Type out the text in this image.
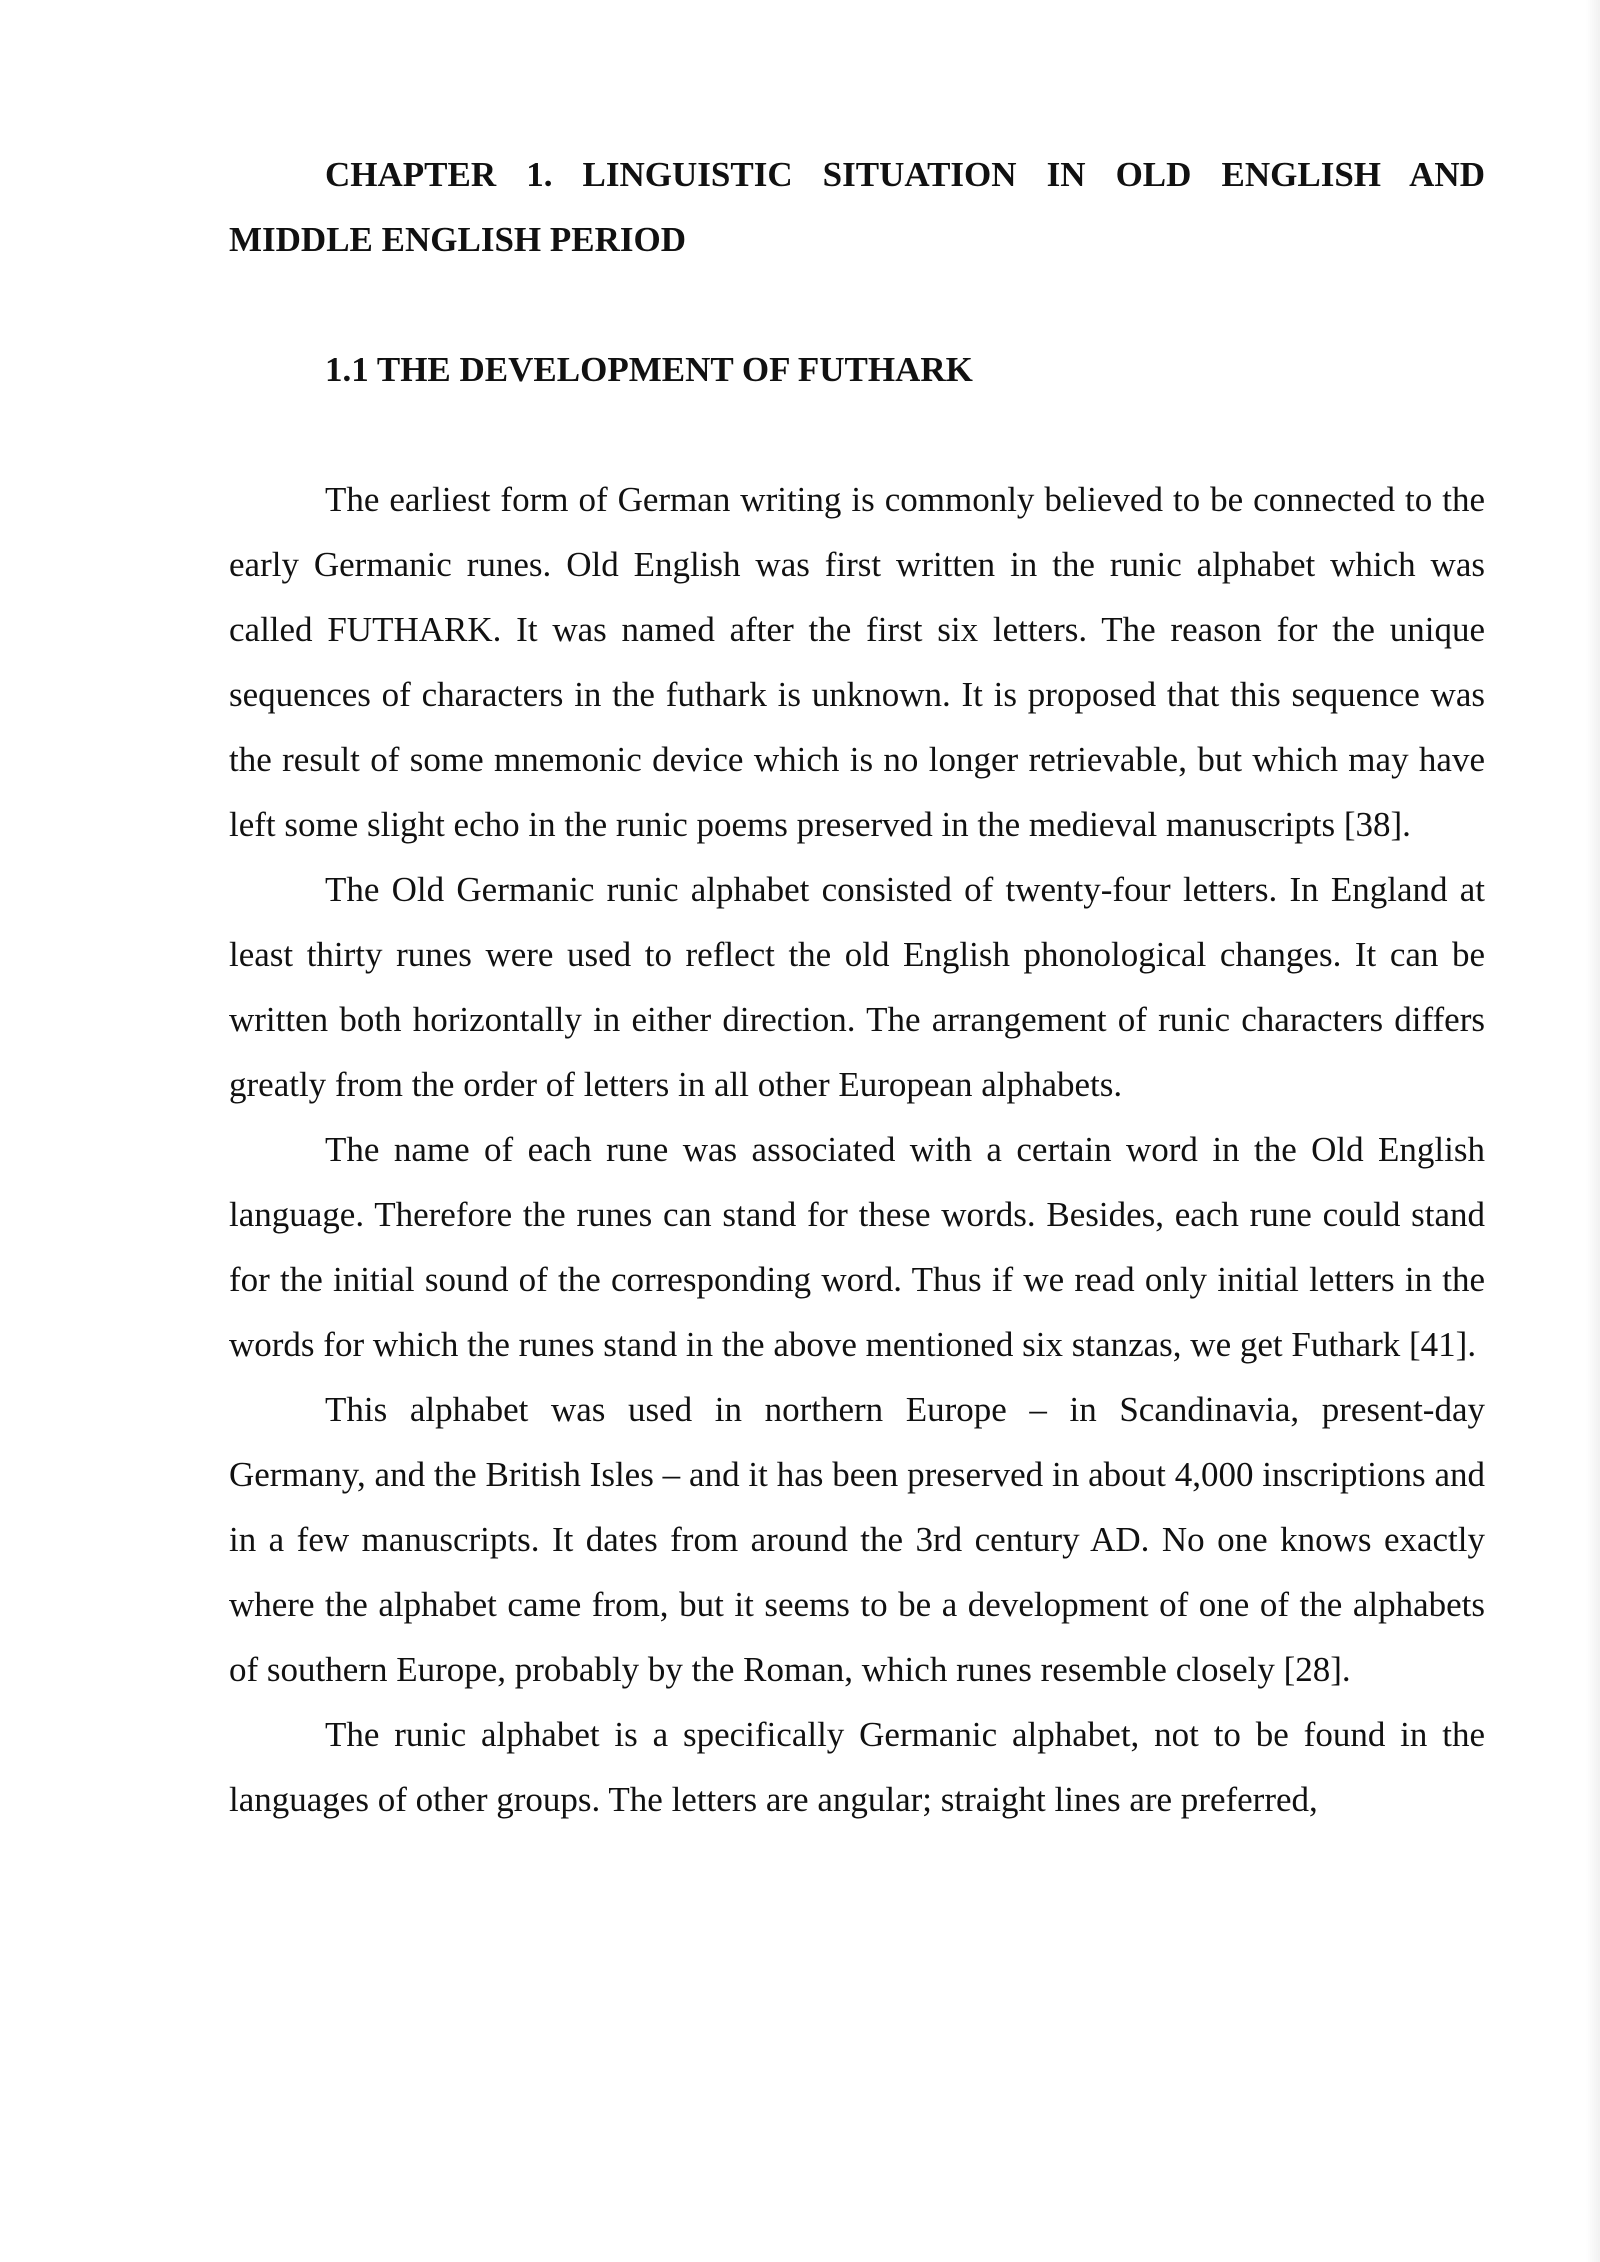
CHAPTER 1. LINGUISTIC SITUATION IN OLD ENGLISH AND MIDDLE ENGLISH PERIOD
1.1 THE DEVELOPMENT OF FUTHARK

The earliest form of German writing is commonly believed to be connected to the early Germanic runes. Old English was first written in the runic alphabet which was called FUTHARK. It was named after the first six letters. The reason for the unique sequences of characters in the futhark is unknown. It is proposed that this sequence was the result of some mnemonic device which is no longer retrievable, but which may have left some slight echo in the runic poems preserved in the medieval manuscripts [38].

The Old Germanic runic alphabet consisted of twenty-four letters. In England at least thirty runes were used to reflect the old English phonological changes. It can be written both horizontally in either direction. The arrangement of runic characters differs greatly from the order of letters in all other European alphabets.

The name of each rune was associated with a certain word in the Old English language. Therefore the runes can stand for these words. Besides, each rune could stand for the initial sound of the corresponding word. Thus if we read only initial letters in the words for which the runes stand in the above mentioned six stanzas, we get Futhark [41].

This alphabet was used in northern Europe – in Scandinavia, present-day Germany, and the British Isles – and it has been preserved in about 4,000 inscriptions and in a few manuscripts. It dates from around the 3rd century AD. No one knows exactly where the alphabet came from, but it seems to be a development of one of the alphabets of southern Europe, probably by the Roman, which runes resemble closely [28].

The runic alphabet is a specifically Germanic alphabet, not to be found in the languages of other groups. The letters are angular; straight lines are preferred,
